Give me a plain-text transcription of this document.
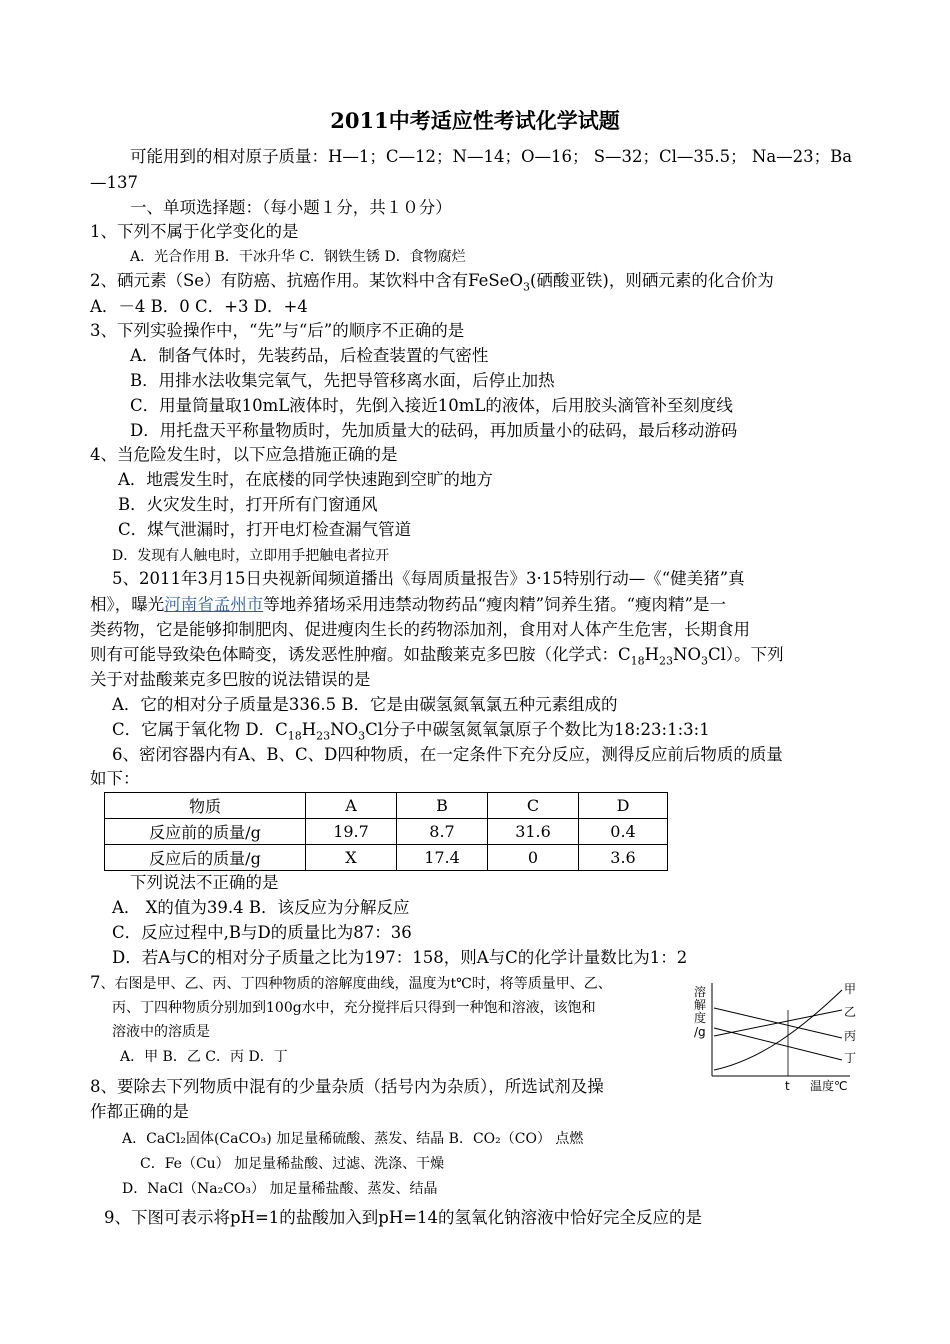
2011中考适应性考试化学试题
可能用到的相对原子质量：H—1；C—12；N—14；O—16； S—32；Cl—35.5； Na—23；Ba
—137
一、单项选择题：（每小题１分，共１０分）
1、下列不属于化学变化的是
A．光合作用 B．干冰升华 C．钢铁生锈 D．食物腐烂
2、硒元素（Se）有防癌、抗癌作用。某饮料中含有FeSeO$_3$(硒酸亚铁)，则硒元素的化合价为
A．－4 B．0 C．+3 D．+4
3、下列实验操作中，“先”与“后”的顺序不正确的是
A．制备气体时，先装药品，后检查装置的气密性
B．用排水法收集完氧气，先把导管移离水面，后停止加热
C．用量筒量取10mL液体时，先倒入接近10mL的液体，后用胶头滴管补至刻度线
D．用托盘天平称量物质时，先加质量大的砝码，再加质量小的砝码，最后移动游码
4、当危险发生时，以下应急措施正确的是
A．地震发生时，在底楼的同学快速跑到空旷的地方
B．火灾发生时，打开所有门窗通风
C．煤气泄漏时，打开电灯检查漏气管道
D．发现有人触电时，立即用手把触电者拉开
5、2011年3月15日央视新闻频道播出《每周质量报告》3·15特别行动—《“健美猪”真
相》，曝光河南省孟州市等地养猪场采用违禁动物药品“瘦肉精”饲养生猪。“瘦肉精”是一
类药物，它是能够抑制肥肉、促进瘦肉生长的药物添加剂，食用对人体产生危害，长期食用
则有可能导致染色体畸变，诱发恶性肿瘤。如盐酸莱克多巴胺（化学式：$C_{18}H_{23}NO_3Cl$）。下列
关于对盐酸莱克多巴胺的说法错误的是
A．它的相对分子质量是336.5 B．它是由碳氢氮氧氯五种元素组成的
C．它属于氧化物 D．$C_{18}H_{23}NO_3Cl$分子中碳氢氮氧氯原子个数比为18:23:1:3:1
6、密闭容器内有A、B、C、D四种物质，在一定条件下充分反应，测得反应前后物质的质量
如下：
物质	A	B	C	D
反应前的质量/g	19.7	8.7	31.6	0.4
反应后的质量/g	X	17.4	0	3.6
下列说法不正确的是
A． X的值为39.4 B．该反应为分解反应
C．反应过程中,B与D的质量比为87：36
D．若A与C的相对分子质量之比为197：158，则A与C的化学计量数比为1：2
7、右图是甲、乙、丙、丁四种物质的溶解度曲线，温度为t℃时，将等质量甲、乙、
丙、丁四种物质分别加到100g水中，充分搅拌后只得到一种饱和溶液，该饱和
溶液中的溶质是
A．甲 B．乙 C．丙 D．丁
溶
解
度
/g
甲
乙
丙
丁
t 温度℃
8、要除去下列物质中混有的少量杂质（括号内为杂质），所选试剂及操
作都正确的是
A．CaCl₂固体(CaCO₃) 加足量稀硫酸、蒸发、结晶 B．CO₂（CO） 点燃
C．Fe（Cu） 加足量稀盐酸、过滤、洗涤、干燥
D．NaCl（Na₂CO₃） 加足量稀盐酸、蒸发、结晶
9、下图可表示将pH=1的盐酸加入到pH=14的氢氧化钠溶液中恰好完全反应的是
